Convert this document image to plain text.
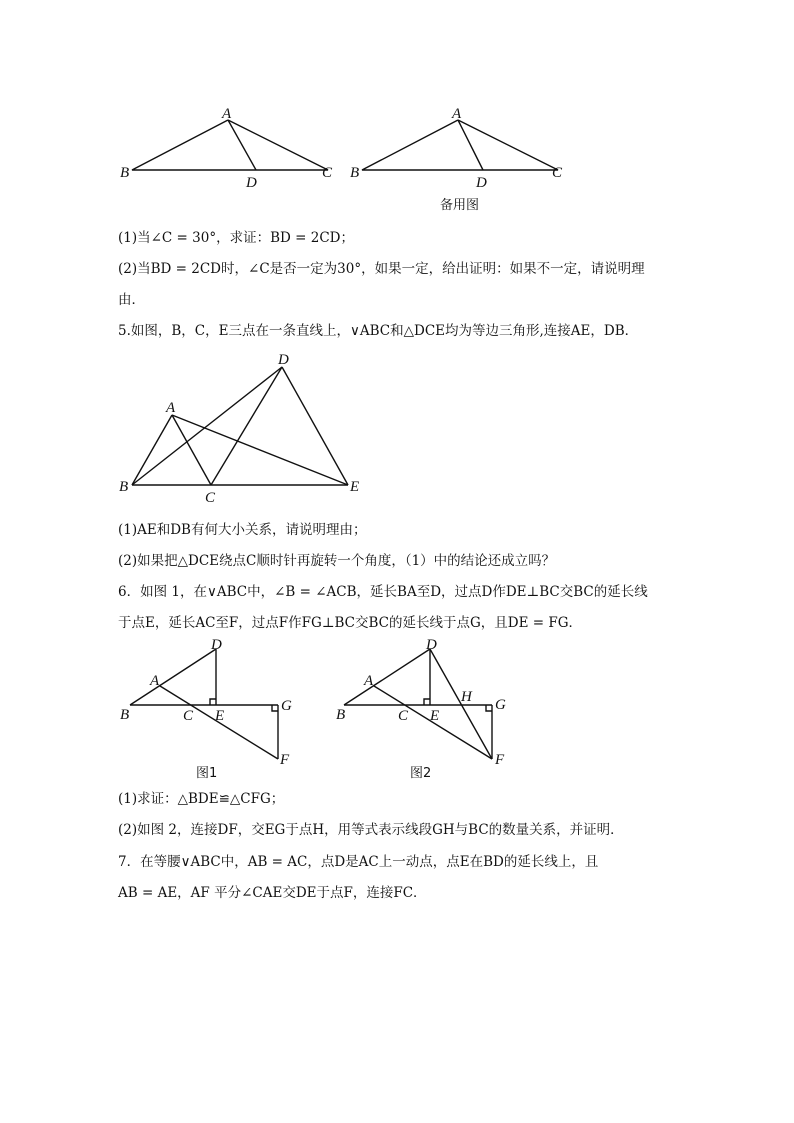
A
B	C
D
A
B	C
D
备用图
(1)当∠C = 30°，求证：BD = 2CD；
(2)当BD = 2CD时，∠C是否一定为30°，如果一定，给出证明：如果不一定，请说明理
由．
5.如图，B，C，E三点在一条直线上，∨ABC和△DCE均为等边三角形,连接AE，DB．
A
B
C
D
E
(1)AE和DB有何大小关系，请说明理由；
(2)如果把△DCE绕点C顺时针再旋转一个角度，（1）中的结论还成立吗？
6．如图 1，在∨ABC中，∠B = ∠ACB，延长BA至D，过点D作DE⊥BC交BC的延长线
于点E，延长AC至F，过点F作FG⊥BC交BC的延长线于点G，且DE = FG．
A
B	C
D
E
F
G
图1
A
B	C
D
E
F
G
H
图2
(1)求证：△BDE≌△CFG；
(2)如图 2，连接DF，交EG于点H，用等式表示线段GH与BC的数量关系，并证明．
7．在等腰∨ABC中，AB = AC，点D是AC上一动点，点E在BD的延长线上，且
AB = AE，AF 平分∠CAE交DE于点F，连接FC．
